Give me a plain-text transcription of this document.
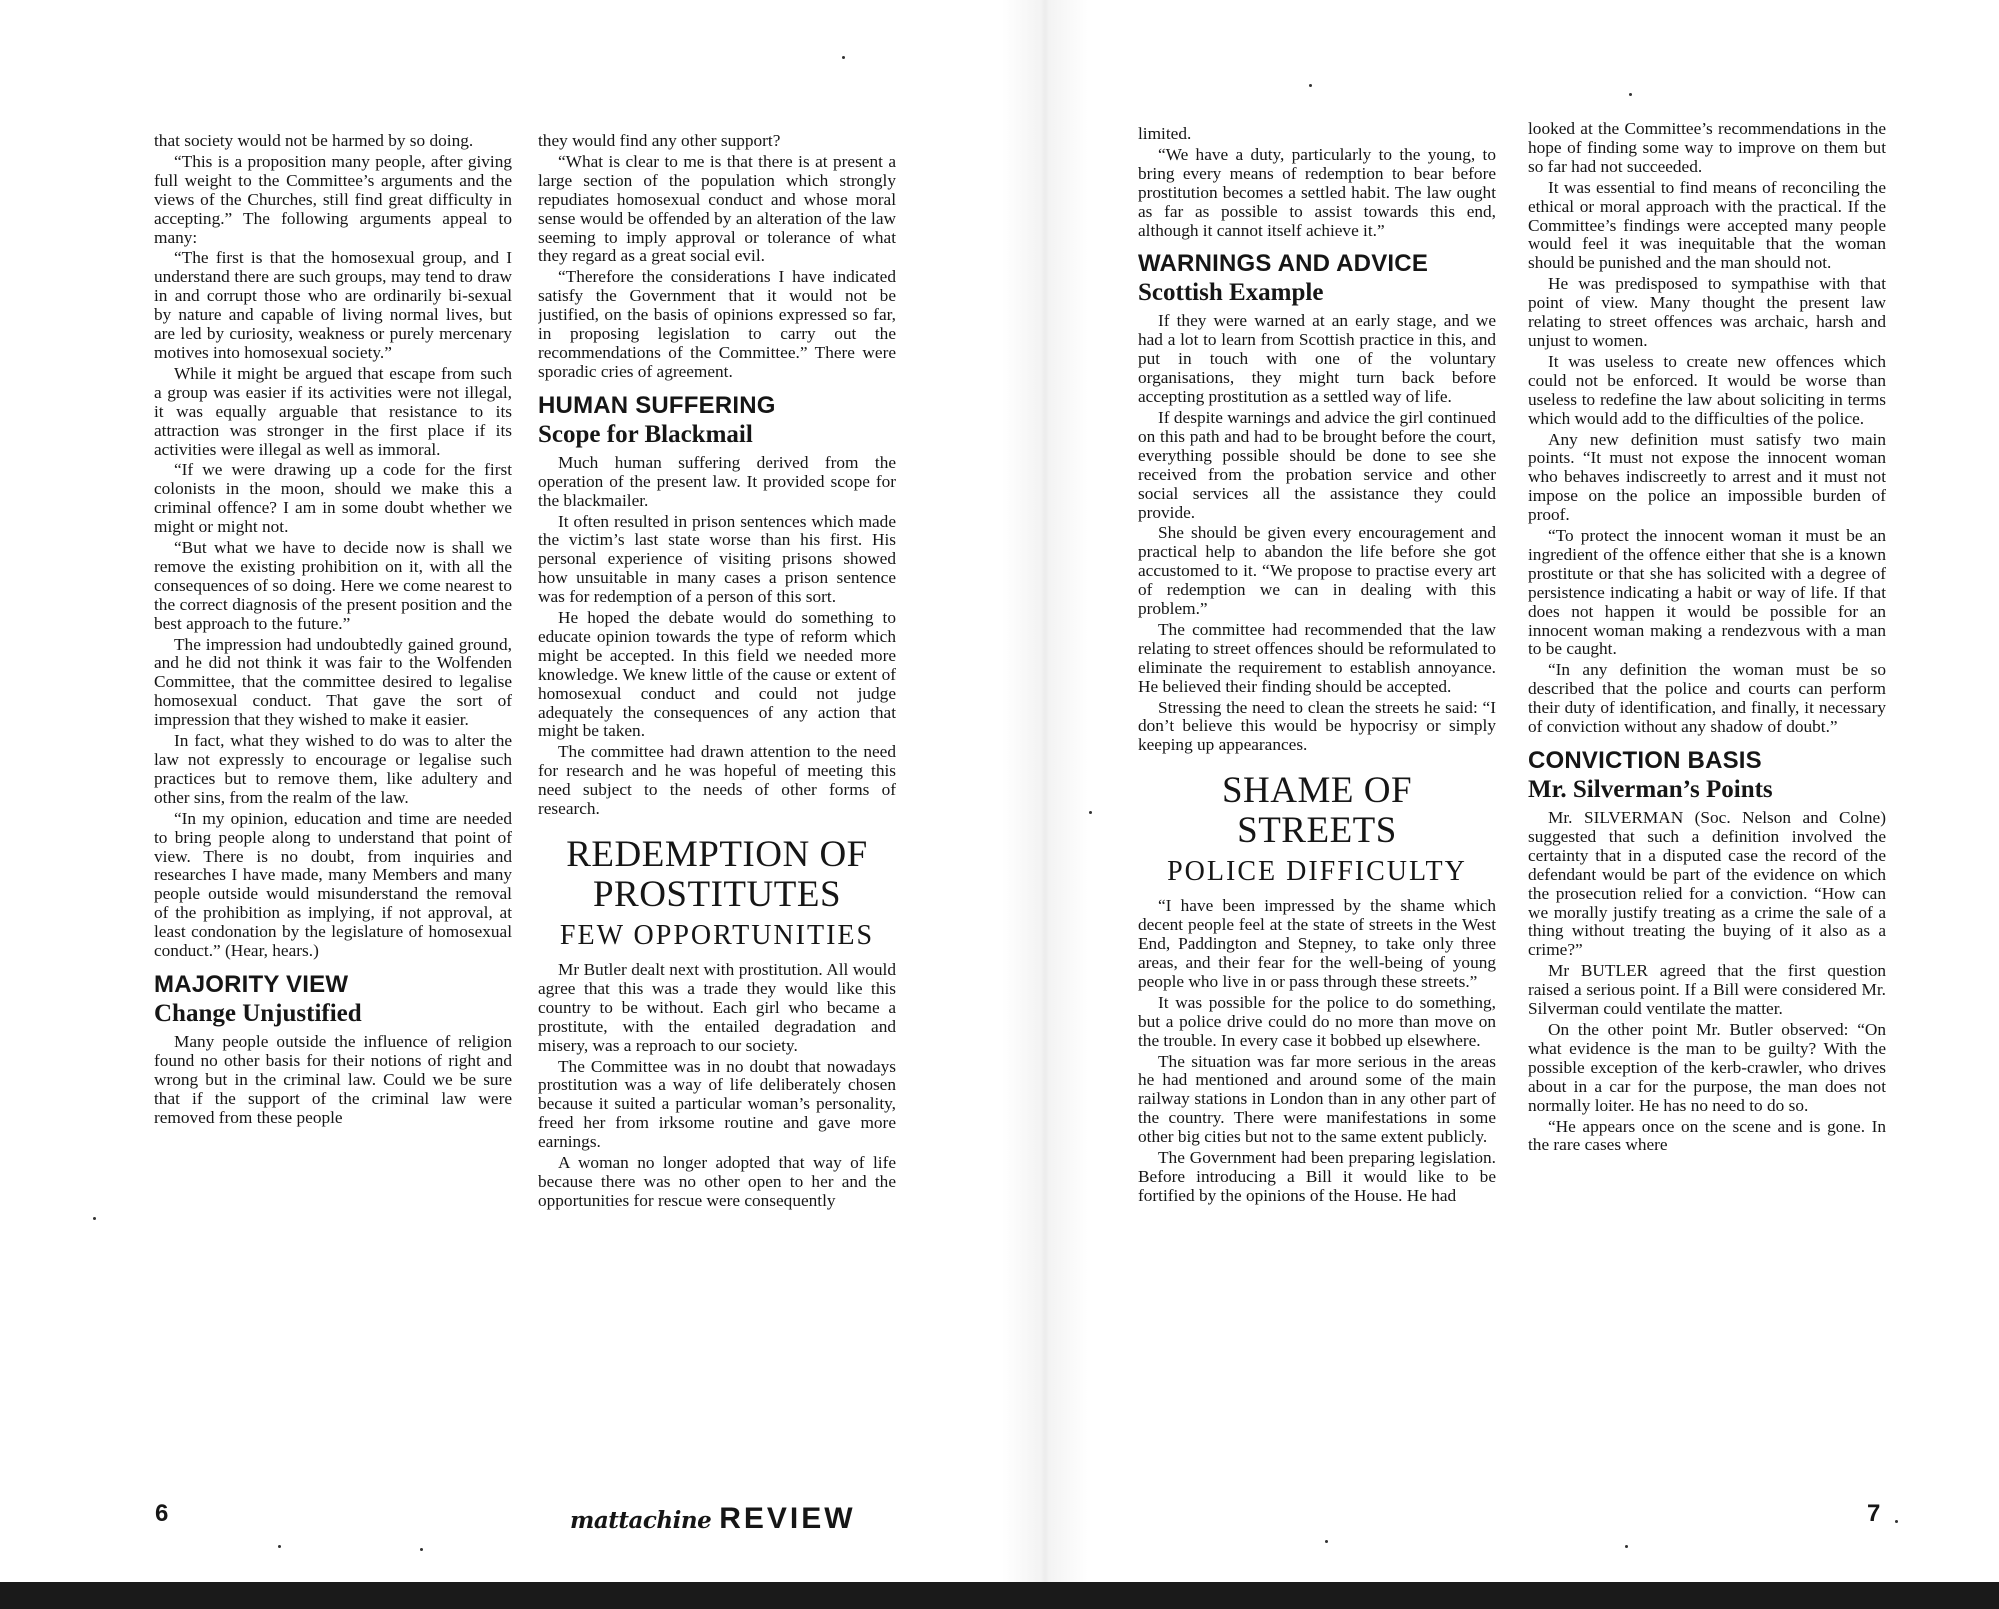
that society would not be harmed by so doing.

“This is a proposition many people, after giving full weight to the Committee’s arguments and the views of the Churches, still find great difficulty in accepting.” The following arguments appeal to many:

“The first is that the homosexual group, and I understand there are such groups, may tend to draw in and corrupt those who are ordinarily bi-sexual by nature and capable of living normal lives, but are led by curiosity, weakness or purely mercenary motives into homosexual society.”

While it might be argued that escape from such a group was easier if its activities were not illegal, it was equally arguable that resistance to its attraction was stronger in the first place if its activities were illegal as well as immoral.

“If we were drawing up a code for the first colonists in the moon, should we make this a criminal offence? I am in some doubt whether we might or might not.

“But what we have to decide now is shall we remove the existing prohibition on it, with all the consequences of so doing. Here we come nearest to the correct diagnosis of the present position and the best approach to the future.”

The impression had undoubtedly gained ground, and he did not think it was fair to the Wolfenden Committee, that the committee desired to legalise homosexual conduct. That gave the sort of impression that they wished to make it easier.

In fact, what they wished to do was to alter the law not expressly to encourage or legalise such practices but to remove them, like adultery and other sins, from the realm of the law.

“In my opinion, education and time are needed to bring people along to understand that point of view. There is no doubt, from inquiries and researches I have made, many Members and many people outside would misunderstand the removal of the prohibition as implying, if not approval, at least condonation by the legislature of homosexual conduct.” (Hear, hears.)

MAJORITY VIEW
Change Unjustified

Many people outside the influence of religion found no other basis for their notions of right and wrong but in the criminal law. Could we be sure that if the support of the criminal law were removed from these people

they would find any other support?

“What is clear to me is that there is at present a large section of the population which strongly repudiates homosexual conduct and whose moral sense would be offended by an alteration of the law seeming to imply approval or tolerance of what they regard as a great social evil.

“Therefore the considerations I have indicated satisfy the Government that it would not be justified, on the basis of opinions expressed so far, in proposing legislation to carry out the recommendations of the Committee.” There were sporadic cries of agreement.

HUMAN SUFFERING
Scope for Blackmail

Much human suffering derived from the operation of the present law. It provided scope for the blackmailer.

It often resulted in prison sentences which made the victim’s last state worse than his first. His personal experience of visiting prisons showed how unsuitable in many cases a prison sentence was for redemption of a person of this sort.

He hoped the debate would do something to educate opinion towards the type of reform which might be accepted. In this field we needed more knowledge. We knew little of the cause or extent of homosexual conduct and could not judge adequately the consequences of any action that might be taken.

The committee had drawn attention to the need for research and he was hopeful of meeting this need subject to the needs of other forms of research.

REDEMPTION OF PROSTITUTES
FEW OPPORTUNITIES

Mr Butler dealt next with prostitution. All would agree that this was a trade they would like this country to be without. Each girl who became a prostitute, with the entailed degradation and misery, was a reproach to our society.

The Committee was in no doubt that nowadays prostitution was a way of life deliberately chosen because it suited a particular woman’s personality, freed her from irksome routine and gave more earnings.

A woman no longer adopted that way of life because there was no other open to her and the opportunities for rescue were consequently

6	mattachine REVIEW

limited.

“We have a duty, particularly to the young, to bring every means of redemption to bear before prostitution becomes a settled habit. The law ought as far as possible to assist towards this end, although it cannot itself achieve it.”

WARNINGS AND ADVICE
Scottish Example

If they were warned at an early stage, and we had a lot to learn from Scottish practice in this, and put in touch with one of the voluntary organisations, they might turn back before accepting prostitution as a settled way of life.

If despite warnings and advice the girl continued on this path and had to be brought before the court, everything possible should be done to see she received from the probation service and other social services all the assistance they could provide.

She should be given every encouragement and practical help to abandon the life before she got accustomed to it. “We propose to practise every art of redemption we can in dealing with this problem.”

The committee had recommended that the law relating to street offences should be reformulated to eliminate the requirement to establish annoyance. He believed their finding should be accepted.

Stressing the need to clean the streets he said: “I don’t believe this would be hypocrisy or simply keeping up appearances.

SHAME OF STREETS
POLICE DIFFICULTY

“I have been impressed by the shame which decent people feel at the state of streets in the West End, Paddington and Stepney, to take only three areas, and their fear for the well-being of young people who live in or pass through these streets.”

It was possible for the police to do something, but a police drive could do no more than move on the trouble. In every case it bobbed up elsewhere.

The situation was far more serious in the areas he had mentioned and around some of the main railway stations in London than in any other part of the country. There were manifestations in some other big cities but not to the same extent publicly.

The Government had been preparing legislation. Before introducing a Bill it would like to be fortified by the opinions of the House. He had

looked at the Committee’s recommendations in the hope of finding some way to improve on them but so far had not succeeded.

It was essential to find means of reconciling the ethical or moral approach with the practical. If the Committee’s findings were accepted many people would feel it was inequitable that the woman should be punished and the man should not.

He was predisposed to sympathise with that point of view. Many thought the present law relating to street offences was archaic, harsh and unjust to women.

It was useless to create new offences which could not be enforced. It would be worse than useless to redefine the law about soliciting in terms which would add to the difficulties of the police.

Any new definition must satisfy two main points. “It must not expose the innocent woman who behaves indiscreetly to arrest and it must not impose on the police an impossible burden of proof.

“To protect the innocent woman it must be an ingredient of the offence either that she is a known prostitute or that she has solicited with a degree of persistence indicating a habit or way of life. If that does not happen it would be possible for an innocent woman making a rendezvous with a man to be caught.

“In any definition the woman must be so described that the police and courts can perform their duty of identification, and finally, it necessary of conviction without any shadow of doubt.”

CONVICTION BASIS
Mr. Silverman’s Points

Mr. SILVERMAN (Soc. Nelson and Colne) suggested that such a definition involved the certainty that in a disputed case the record of the defendant would be part of the evidence on which the prosecution relied for a conviction. “How can we morally justify treating as a crime the sale of a thing without treating the buying of it also as a crime?”

Mr BUTLER agreed that the first question raised a serious point. If a Bill were considered Mr. Silverman could ventilate the matter.

On the other point Mr. Butler observed: “On what evidence is the man to be guilty? With the possible exception of the kerb-crawler, who drives about in a car for the purpose, the man does not normally loiter. He has no need to do so.

“He appears once on the scene and is gone. In the rare cases where

7
